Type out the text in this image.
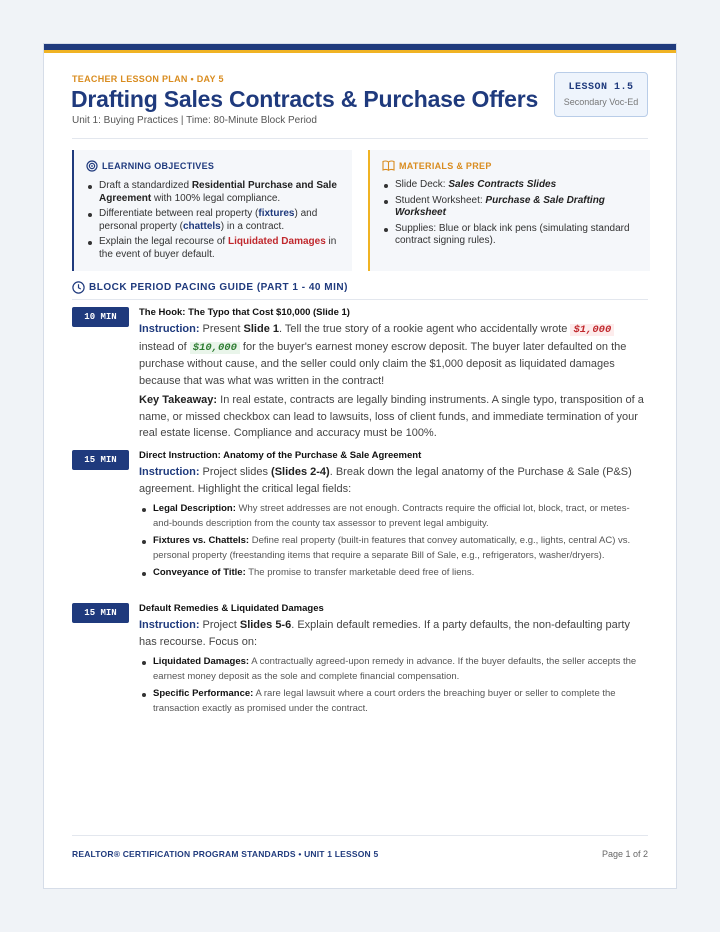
TEACHER LESSON PLAN • DAY 5
Drafting Sales Contracts & Purchase Offers
Unit 1: Buying Practices | Time: 80-Minute Block Period
LESSON 1.5
Secondary Voc-Ed
LEARNING OBJECTIVES
Draft a standardized Residential Purchase and Sale Agreement with 100% legal compliance.
Differentiate between real property (fixtures) and personal property (chattels) in a contract.
Explain the legal recourse of Liquidated Damages in the event of buyer default.
MATERIALS & PREP
Slide Deck: Sales Contracts Slides
Student Worksheet: Purchase & Sale Drafting Worksheet
Supplies: Blue or black ink pens (simulating standard contract signing rules).
BLOCK PERIOD PACING GUIDE (PART 1 - 40 MIN)
10 MIN	The Hook: The Typo that Cost $10,000 (Slide 1)

Instruction: Present Slide 1. Tell the true story of a rookie agent who accidentally wrote $1,000 instead of $10,000 for the buyer's earnest money escrow deposit. The buyer later defaulted on the purchase without cause, and the seller could only claim the $1,000 deposit as liquidated damages because that was what was written in the contract!

Key Takeaway: In real estate, contracts are legally binding instruments. A single typo, transposition of a name, or missed checkbox can lead to lawsuits, loss of client funds, and immediate termination of your real estate license. Compliance and accuracy must be 100%.

15 MIN	Direct Instruction: Anatomy of the Purchase & Sale Agreement

Instruction: Project slides (Slides 2-4). Break down the legal anatomy of the Purchase & Sale (P&S) agreement. Highlight the critical legal fields:

Legal Description: Why street addresses are not enough. Contracts require the official lot, block, tract, or metes-and-bounds description from the county tax assessor to prevent legal ambiguity.
Fixtures vs. Chattels: Define real property (built-in features that convey automatically, e.g., lights, central AC) vs. personal property (freestanding items that require a separate Bill of Sale, e.g., refrigerators, washer/dryers).
Conveyance of Title: The promise to transfer marketable deed free of liens.
15 MIN	Default Remedies & Liquidated Damages

Instruction: Project Slides 5-6. Explain default remedies. If a party defaults, the non-defaulting party has recourse. Focus on:

Liquidated Damages: A contractually agreed-upon remedy in advance. If the buyer defaults, the seller accepts the earnest money deposit as the sole and complete financial compensation.
Specific Performance: A rare legal lawsuit where a court orders the breaching buyer or seller to complete the transaction exactly as promised under the contract.
REALTOR® CERTIFICATION PROGRAM STANDARDS • UNIT 1 LESSON 5	Page 1 of 2
